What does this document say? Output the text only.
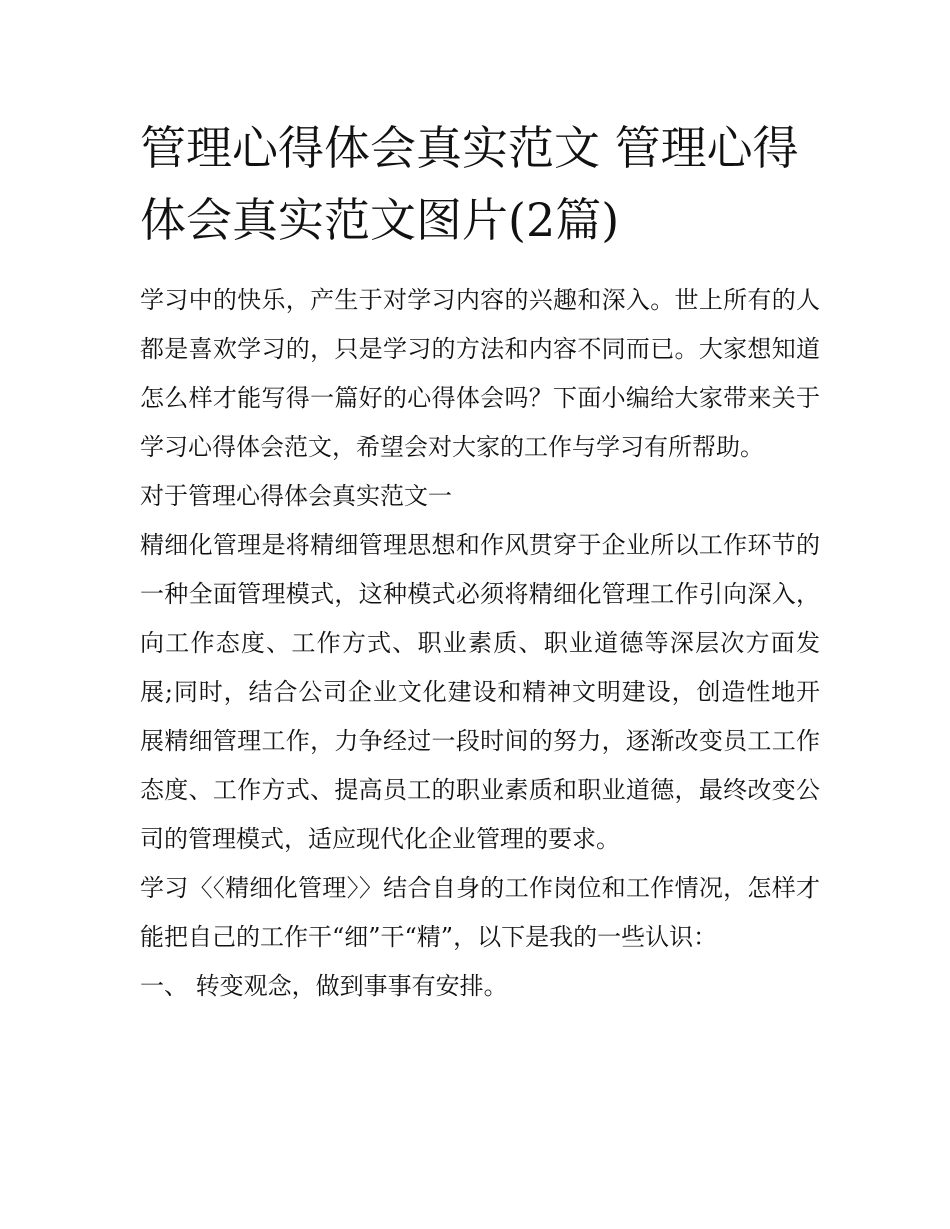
管理心得体会真实范文 管理心得体会真实范文图片(2篇)

学习中的快乐，产生于对学习内容的兴趣和深入。世上所有的人都是喜欢学习的，只是学习的方法和内容不同而已。大家想知道怎么样才能写得一篇好的心得体会吗？下面小编给大家带来关于学习心得体会范文，希望会对大家的工作与学习有所帮助。

对于管理心得体会真实范文一

精细化管理是将精细管理思想和作风贯穿于企业所以工作环节的一种全面管理模式，这种模式必须将精细化管理工作引向深入，向工作态度、工作方式、职业素质、职业道德等深层次方面发展;同时，结合公司企业文化建设和精神文明建设，创造性地开展精细管理工作，力争经过一段时间的努力，逐渐改变员工工作态度、工作方式、提高员工的职业素质和职业道德，最终改变公司的管理模式，适应现代化企业管理的要求。

学习〈〈精细化管理〉〉结合自身的工作岗位和工作情况，怎样才能把自己的工作干“细”干“精”，以下是我的一些认识：

一、 转变观念，做到事事有安排。
